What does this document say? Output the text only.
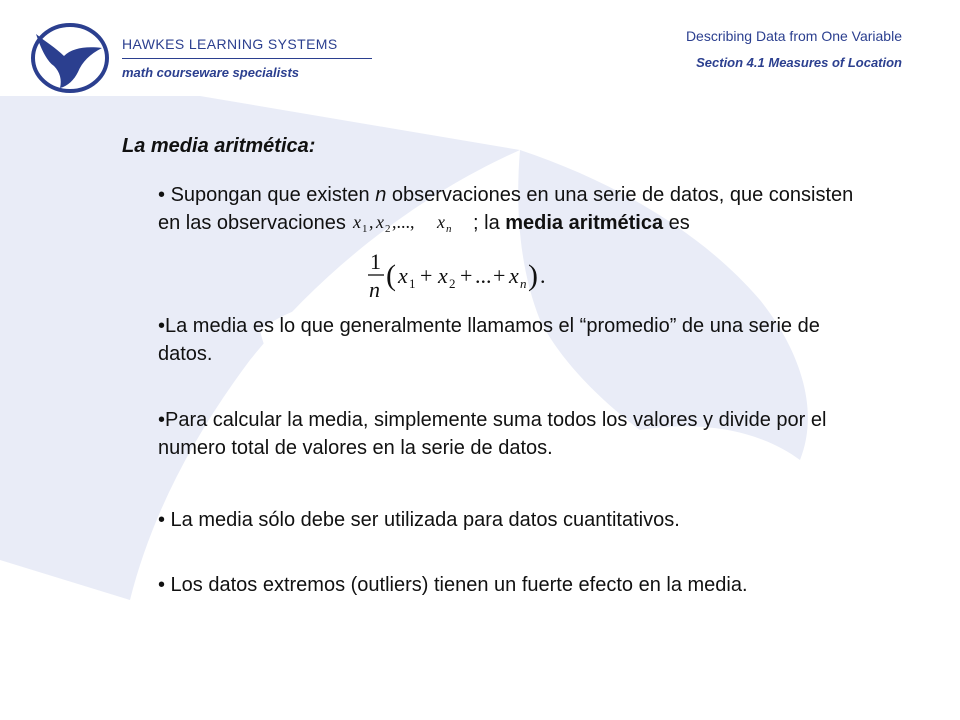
HAWKES LEARNING SYSTEMS
math courseware specialists
Describing Data from One Variable
Section 4.1 Measures of Location
La media aritmética:
• Supongan que existen n observaciones en una serie de datos, que consisten en las observaciones x 1 , x 2 ,..., x n ; la media aritmética es
1
n ( x 1 + x 2 + ... + x n ) .
•La media es lo que generalmente llamamos el “promedio” de una serie de datos.
•Para calcular la media, simplemente suma todos los valores y divide por el numero total de valores en la serie de datos.
• La media sólo debe ser utilizada para datos cuantitativos.
• Los datos extremos (outliers) tienen un fuerte efecto en la media.
